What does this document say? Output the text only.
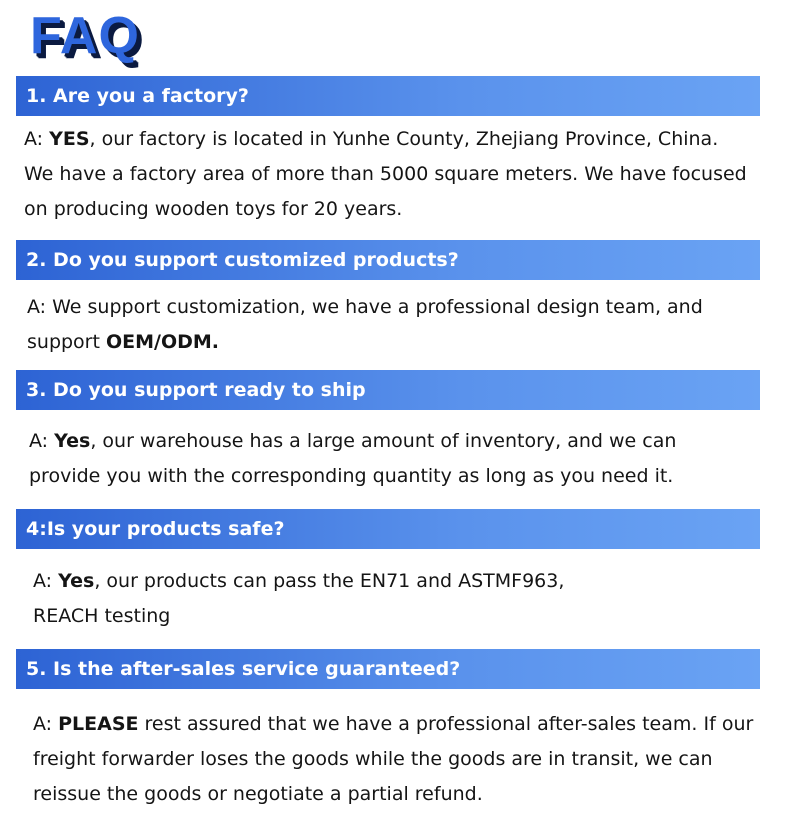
FAQ
1. Are you a factory?
A: YES, our factory is located in Yunhe County, Zhejiang Province, China. We have a factory area of more than 5000 square meters. We have focused on producing wooden toys for 20 years.
2. Do you support customized products?
A: We support customization, we have a professional design team, and support OEM/ODM.
3. Do you support ready to ship
A: Yes, our warehouse has a large amount of inventory, and we can provide you with the corresponding quantity as long as you need it.
4:Is your products safe?
A: Yes, our products can pass the EN71 and ASTMF963, REACH testing
5. Is the after-sales service guaranteed?
A: PLEASE rest assured that we have a professional after-sales team. If our freight forwarder loses the goods while the goods are in transit, we can reissue the goods or negotiate a partial refund.
